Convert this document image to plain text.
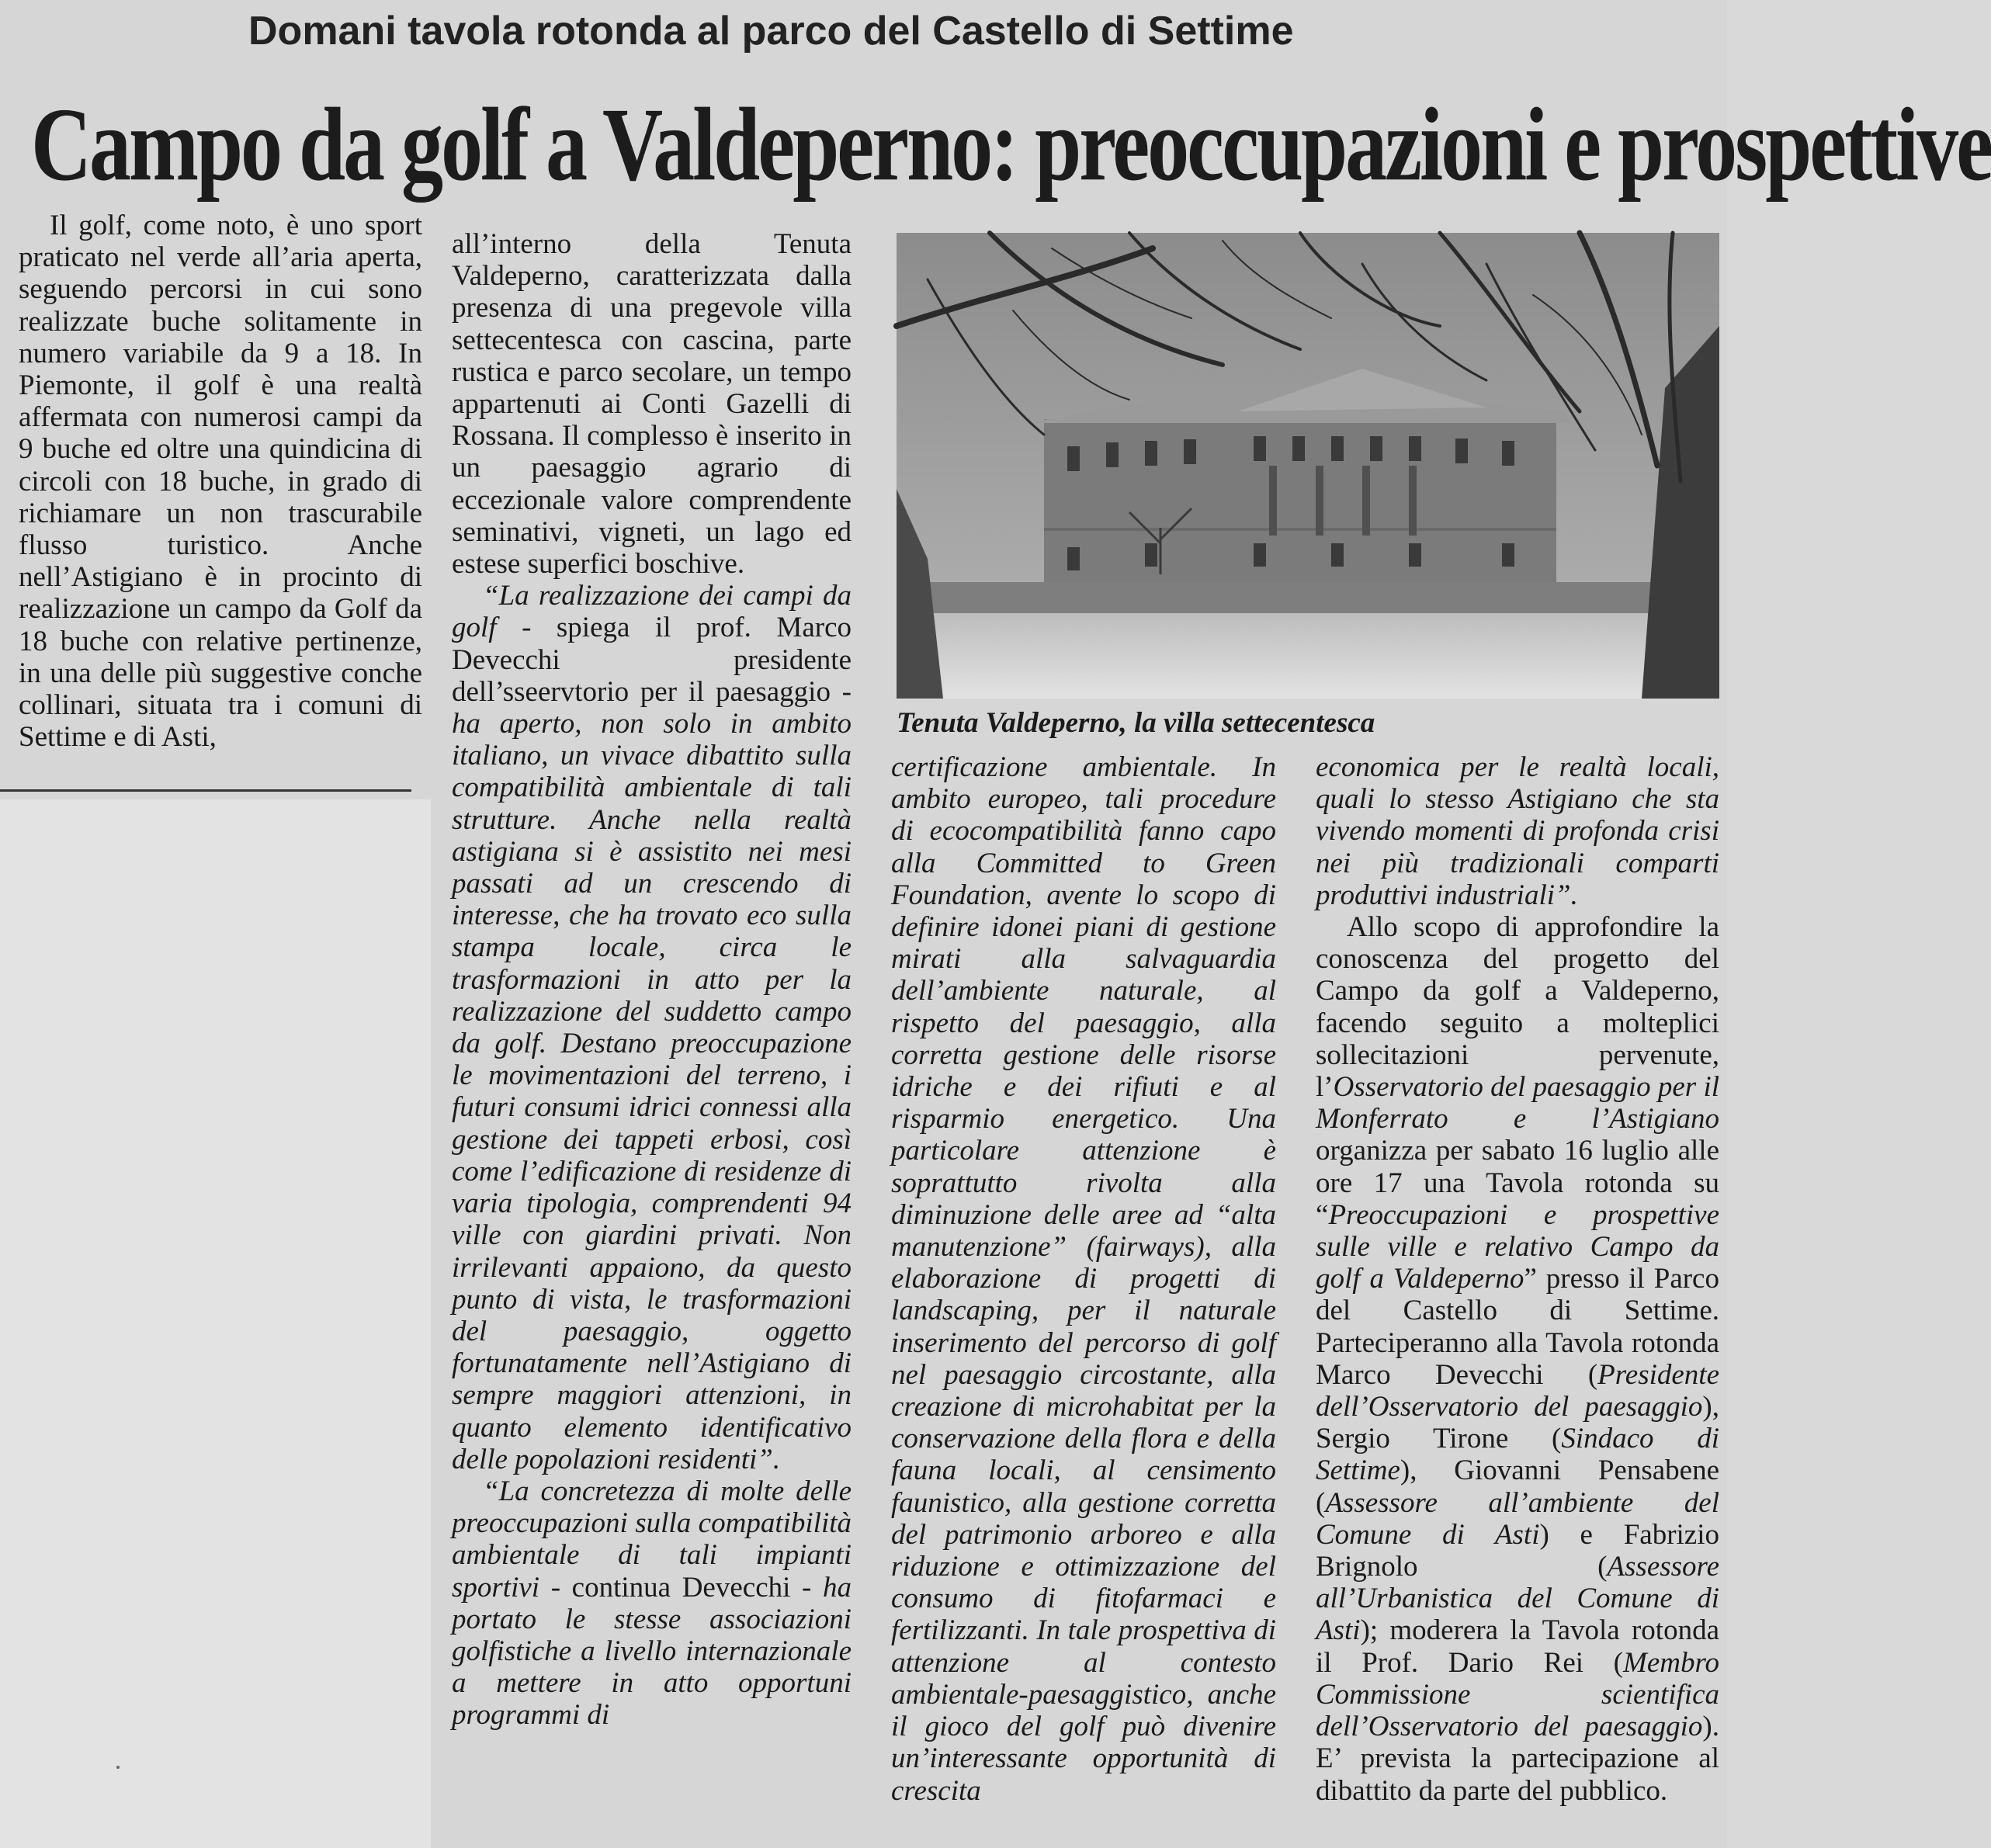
Domani tavola rotonda al parco del Castello di Settime
Campo da golf a Valdeperno: preoccupazioni e prospettive

Il golf, come noto, è uno sport praticato nel verde all’aria aperta, seguendo percorsi in cui sono realizzate buche solitamente in numero variabile da 9 a 18. In Piemonte, il golf è una realtà affermata con numerosi campi da 9 buche ed oltre una quindicina di circoli con 18 buche, in grado di richiamare un non trascurabile flusso turistico. Anche nell’Astigiano è in procinto di realizzazione un campo da Golf da 18 buche con relative pertinenze, in una delle più suggestive conche collinari, situata tra i comuni di Settime e di Asti,

all’interno della Tenuta Valdeperno, caratterizzata dalla presenza di una pregevole villa settecentesca con cascina, parte rustica e parco secolare, un tempo appartenuti ai Conti Gazelli di Rossana. Il complesso è inserito in un paesaggio agrario di eccezionale valore comprendente seminativi, vigneti, un lago ed estese superfici boschive.

“La realizzazione dei campi da golf - spiega il prof. Marco Devecchi presidente dell’sseervtorio per il paesaggio - ha aperto, non solo in ambito italiano, un vivace dibattito sulla compatibilità ambientale di tali strutture. Anche nella realtà astigiana si è assistito nei mesi passati ad un crescendo di interesse, che ha trovato eco sulla stampa locale, circa le trasformazioni in atto per la realizzazione del suddetto campo da golf. Destano preoccupazione le movimentazioni del terreno, i futuri consumi idrici connessi alla gestione dei tappeti erbosi, così come l’edificazione di residenze di varia tipologia, comprendenti 94 ville con giardini privati. Non irrilevanti appaiono, da questo punto di vista, le trasformazioni del paesaggio, oggetto fortunatamente nell’Astigiano di sempre maggiori attenzioni, in quanto elemento identificativo delle popolazioni residenti”.

“La concretezza di molte delle preoccupazioni sulla compatibilità ambientale di tali impianti sportivi - continua Devecchi - ha portato le stesse associazioni golfistiche a livello internazionale a mettere in atto opportuni programmi di

Tenuta Valdeperno, la villa settecentesca

certificazione ambientale. In ambito europeo, tali procedure di ecocompatibilità fanno capo alla Committed to Green Foundation, avente lo scopo di definire idonei piani di gestione mirati alla salvaguardia dell’ambiente naturale, al rispetto del paesaggio, alla corretta gestione delle risorse idriche e dei rifiuti e al risparmio energetico. Una particolare attenzione è soprattutto rivolta alla diminuzione delle aree ad “alta manutenzione” (fairways), alla elaborazione di progetti di landscaping, per il naturale inserimento del percorso di golf nel paesaggio circostante, alla creazione di microhabitat per la conservazione della flora e della fauna locali, al censimento faunistico, alla gestione corretta del patrimonio arboreo e alla riduzione e ottimizzazione del consumo di fitofarmaci e fertilizzanti. In tale prospettiva di attenzione al contesto ambientale-paesaggistico, anche il gioco del golf può divenire un’interessante opportunità di crescita

economica per le realtà locali, quali lo stesso Astigiano che sta vivendo momenti di profonda crisi nei più tradizionali comparti produttivi industriali”.

Allo scopo di approfondire la conoscenza del progetto del Campo da golf a Valdeperno, facendo seguito a molteplici sollecitazioni pervenute, l’Osservatorio del paesaggio per il Monferrato e l’Astigiano organizza per sabato 16 luglio alle ore 17 una Tavola rotonda su “Preoccupazioni e prospettive sulle ville e relativo Campo da golf a Valdeperno” presso il Parco del Castello di Settime. Parteciperanno alla Tavola rotonda Marco Devecchi (Presidente dell’Osservatorio del paesaggio), Sergio Tirone (Sindaco di Settime), Giovanni Pensabene (Assessore all’ambiente del Comune di Asti) e Fabrizio Brignolo (Assessore all’Urbanistica del Comune di Asti); moderera la Tavola rotonda il Prof. Dario Rei (Membro Commissione scientifica dell’Osservatorio del paesaggio). E’ prevista la partecipazione al dibattito da parte del pubblico.
